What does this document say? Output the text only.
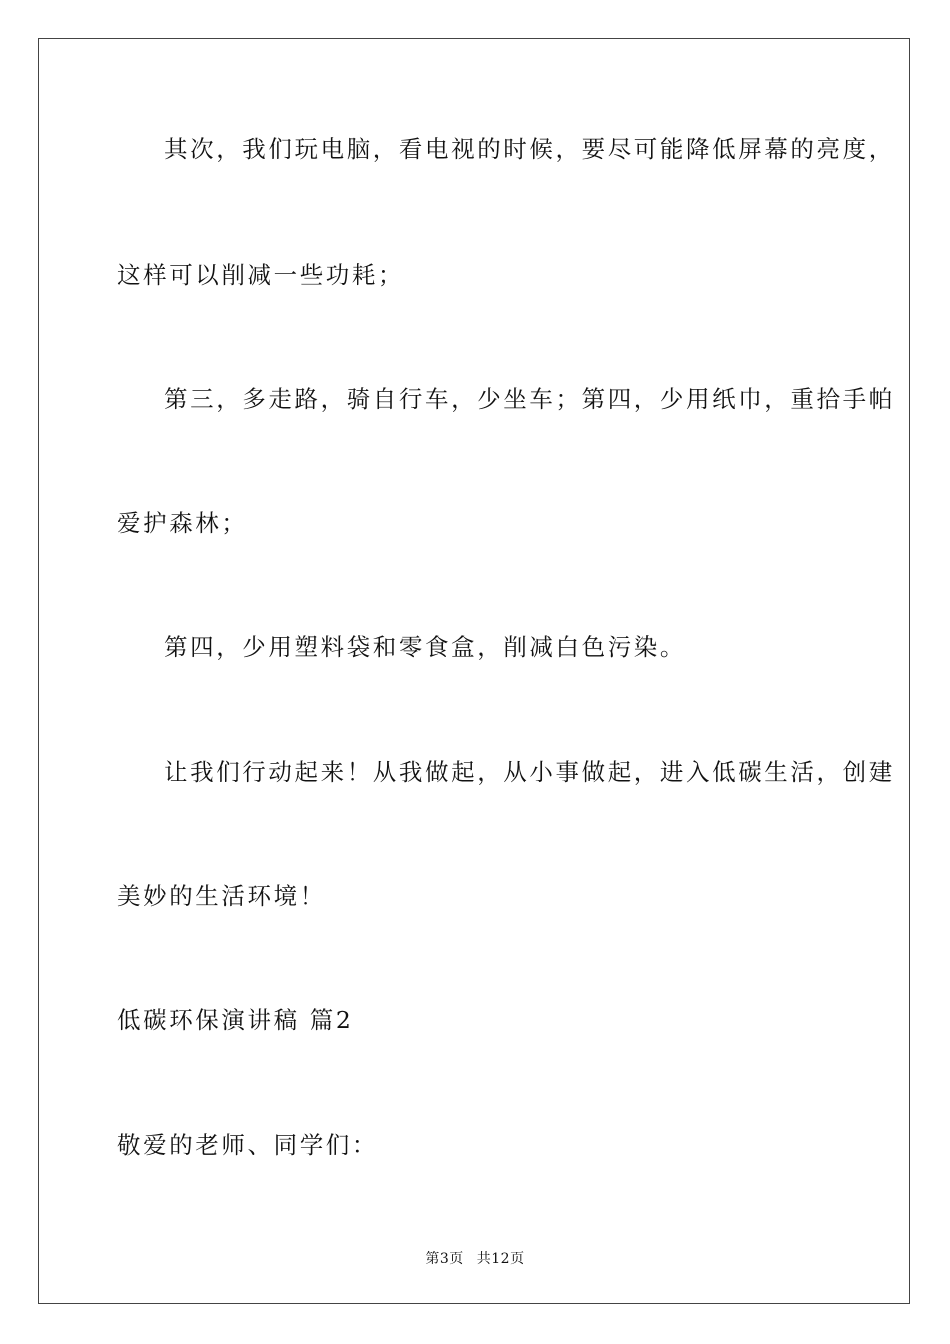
其次，我们玩电脑，看电视的时候，要尽可能降低屏幕的亮度，
这样可以削减一些功耗；
第三，多走路，骑自行车，少坐车；第四，少用纸巾，重拾手帕
爱护森林；
第四，少用塑料袋和零食盒，削减白色污染。
让我们行动起来！从我做起，从小事做起，进入低碳生活，创建
美妙的生活环境！
低碳环保演讲稿 篇2
敬爱的老师、同学们：
第3页 共12页
